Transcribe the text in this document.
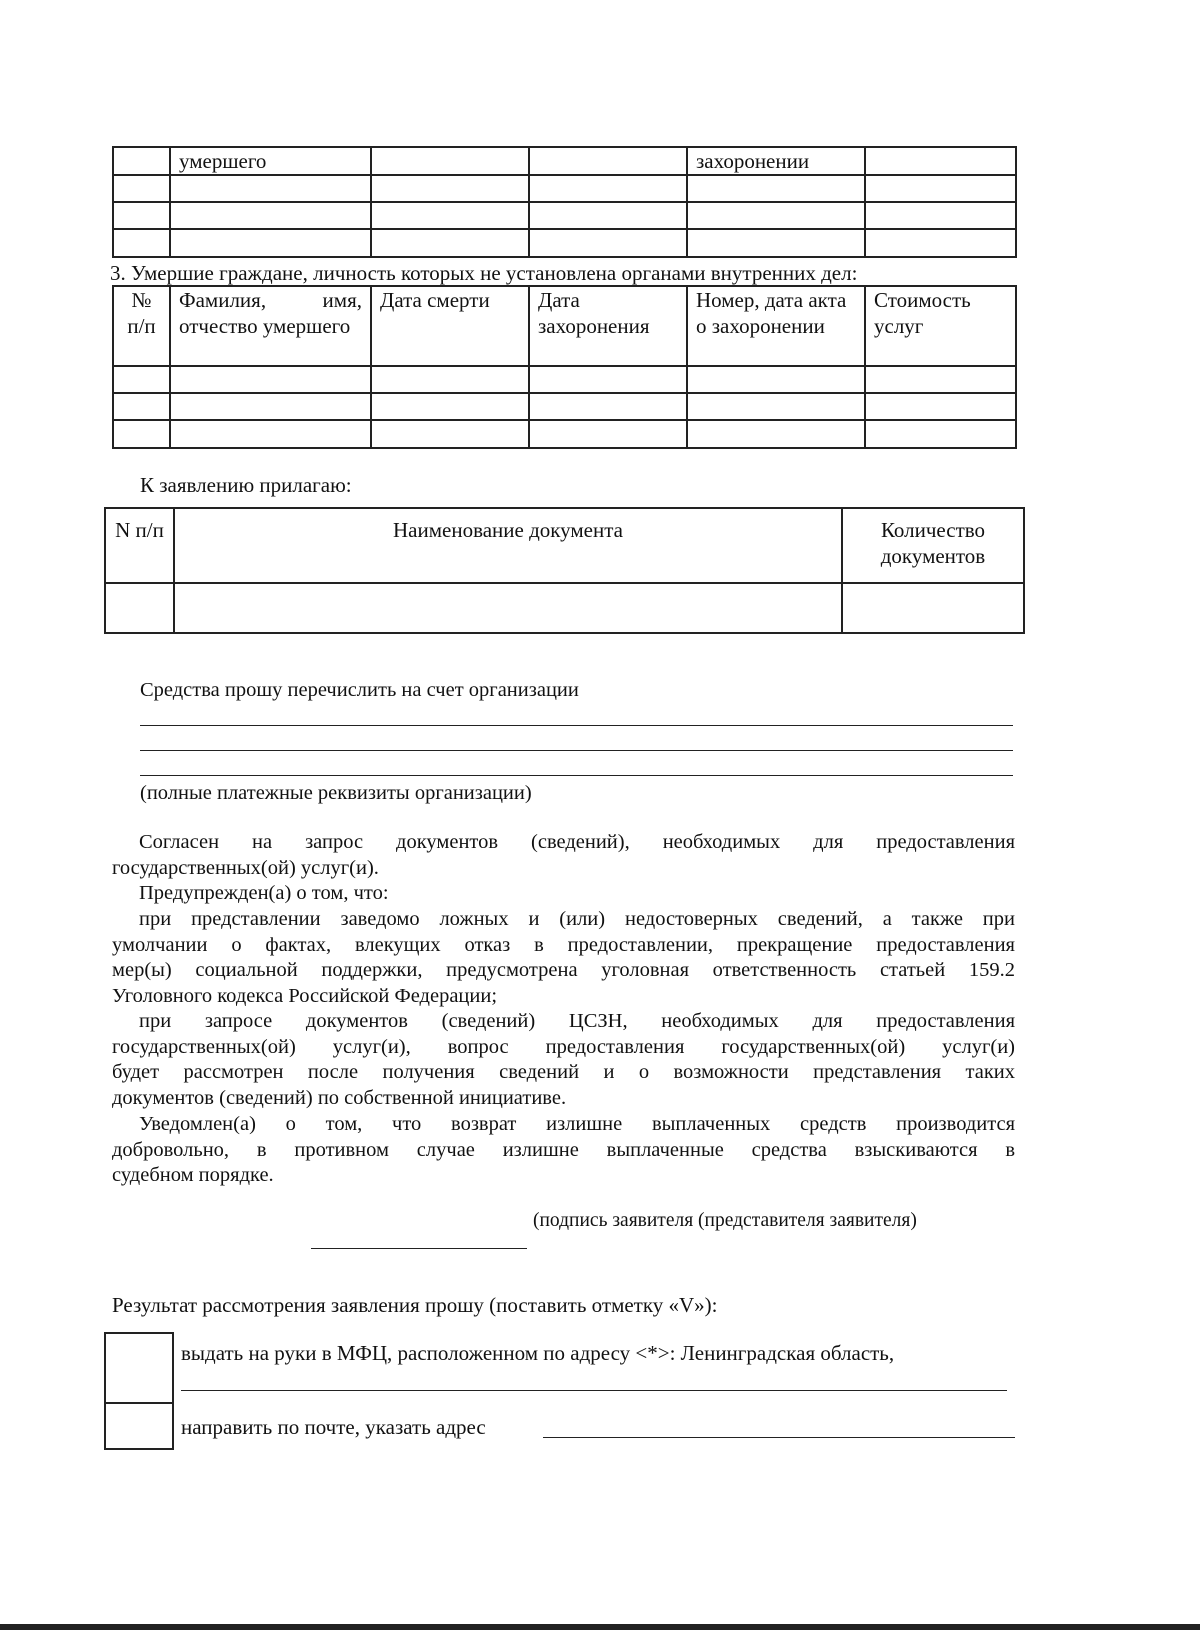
	умершего			захоронении	

3. Умершие граждане, личность которых не установлена органами внутренних дел:
№ п/п	Фамилия, имя, отчество умершего	Дата смерти	Дата захоронения	Номер, дата акта о захоронении	Стоимость услуг

К заявлению прилагаю:
N п/п	Наименование документа	Количество документов

Средства прошу перечислить на счет организации
(полные платежные реквизиты организации)
Согласен на запрос документов (сведений), необходимых для предоставления
государственных(ой) услуг(и).
Предупрежден(а) о том, что:
при представлении заведомо ложных и (или) недостоверных сведений, а также при
умолчании о фактах, влекущих отказ в предоставлении, прекращение предоставления
мер(ы) социальной поддержки, предусмотрена уголовная ответственность статьей 159.2
Уголовного кодекса Российской Федерации;
при запросе документов (сведений) ЦСЗН, необходимых для предоставления
государственных(ой) услуг(и), вопрос предоставления государственных(ой) услуг(и)
будет рассмотрен после получения сведений и о возможности представления таких
документов (сведений) по собственной инициативе.
Уведомлен(а) о том, что возврат излишне выплаченных средств производится
добровольно, в противном случае излишне выплаченные средства взыскиваются в
судебном порядке.
(подпись заявителя (представителя заявителя)
Результат рассмотрения заявления прошу (поставить отметку «V»):
выдать на руки в МФЦ, расположенном по адресу <*>: Ленинградская область,
направить по почте, указать адрес
